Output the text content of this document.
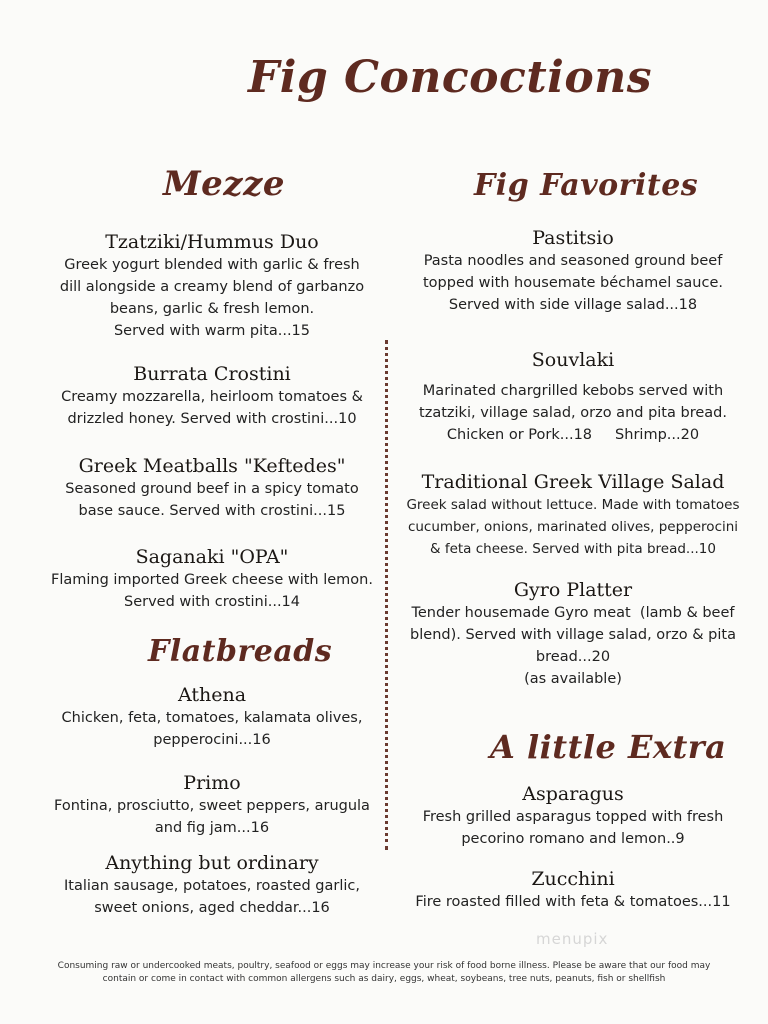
Fig Concoctions
Mezze	Fig Favorites
Flatbreads
A little Extra

Tzatziki/Hummus Duo

Greek yogurt blended with garlic & fresh
dill alongside a creamy blend of garbanzo
beans, garlic & fresh lemon.
Served with warm pita...15

Burrata Crostini

Creamy mozzarella, heirloom tomatoes &
drizzled honey. Served with crostini...10

Greek Meatballs "Keftedes"

Seasoned ground beef in a spicy tomato
base sauce. Served with crostini...15

Saganaki "OPA"

Flaming imported Greek cheese with lemon.
Served with crostini...14

Athena

Chicken, feta, tomatoes, kalamata olives,
pepperocini...16

Primo

Fontina, prosciutto, sweet peppers, arugula
and fig jam...16

Anything but ordinary

Italian sausage, potatoes, roasted garlic,
sweet onions, aged cheddar...16

Pastitsio

Pasta noodles and seasoned ground beef
topped with housemate béchamel sauce.
Served with side village salad...18

Souvlaki

Marinated chargrilled kebobs served with
tzatziki, village salad, orzo and pita bread.
Chicken or Pork...18     Shrimp...20

Traditional Greek Village Salad

Greek salad without lettuce. Made with tomatoes
cucumber, onions, marinated olives, pepperocini
& feta cheese. Served with pita bread...10

Gyro Platter

Tender housemade Gyro meat  (lamb & beef
blend). Served with village salad, orzo & pita
bread...20
(as available)

Asparagus

Fresh grilled asparagus topped with fresh
pecorino romano and lemon..9

Zucchini

Fire roasted filled with feta & tomatoes...11
menupix
Consuming raw or undercooked meats, poultry, seafood or eggs may increase your risk of food borne illness. Please be aware that our food may
contain or come in contact with common allergens such as dairy, eggs, wheat, soybeans, tree nuts, peanuts, fish or shellfish
